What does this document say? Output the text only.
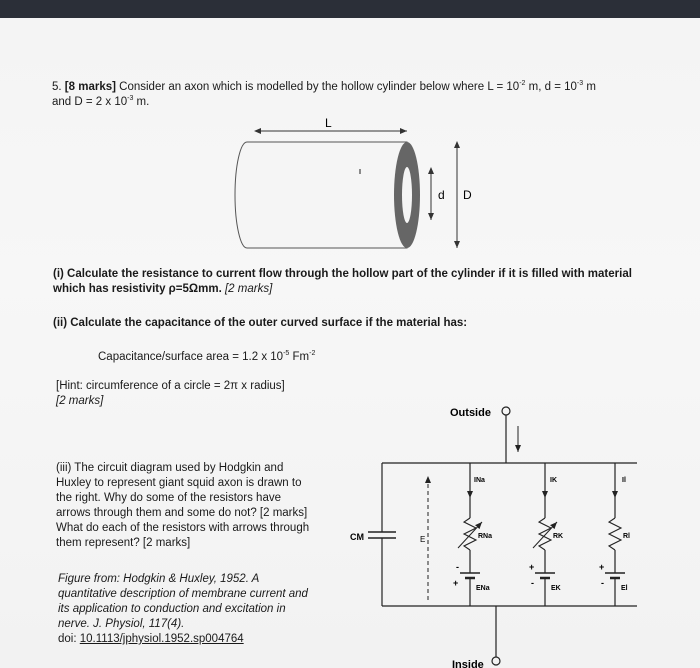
5. [8 marks] Consider an axon which is modelled by the hollow cylinder below where $L = 10^{-2}$ m, $d = 10^{-3}$ m
and D = 2 x $10^{-3}$ m.
L
d D
(i) Calculate the resistance to current flow through the hollow part of the cylinder if it is filled with material
which has resistivity ρ=5Ωmm. [2 marks]
(ii) Calculate the capacitance of the outer curved surface if the material has:
Capacitance/surface area = 1.2 x $10^{-5}$ $Fm^{-2}$
[Hint: circumference of a circle = 2π x radius]
[2 marks]
(iii) The circuit diagram used by Hodgkin and
Huxley to represent giant squid axon is drawn to
the right. Why do some of the resistors have
arrows through them and some do not? [2 marks]
What do each of the resistors with arrows through
them represent? [2 marks]
Figure from: Hodgkin & Huxley, 1952. A
quantitative description of membrane current and
its application to conduction and excitation in
nerve. J. Physiol, 117(4).
doi: 10.1113/jphysiol.1952.sp004764
Outside
Inside
CM	E
INa
RNa
+
-
ENa
IK
RK
+
-
EK
Il
Rl
+
-
El
